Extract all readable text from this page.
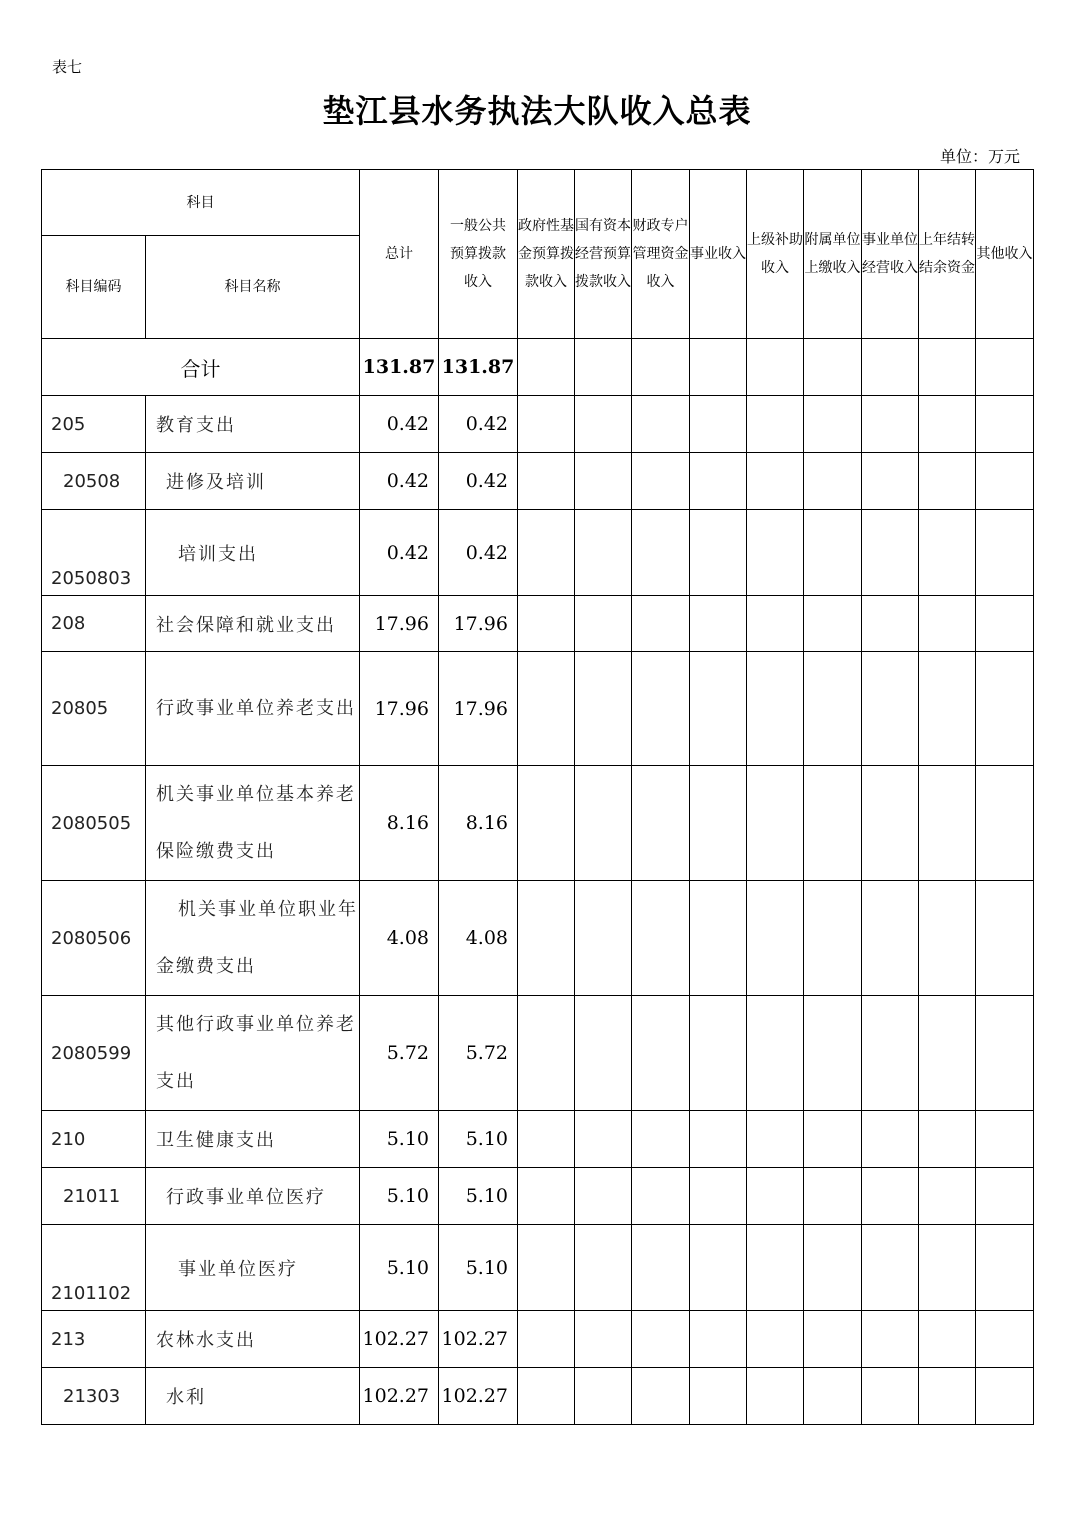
表七
垫江县水务执法大队收入总表
单位：万元
科目		总计	一般公共预算拨款收入	政府性基金预算拨款收入	国有资本经营预算拨款收入	财政专户管理资金收入	事业收入	上级补助收入	附属单位上缴收入	事业单位经营收入	上年结转结余资金	其他收入
科目编码	科目名称											
合计		131.87	131.87									
205	教育支出	0.42	0.42									
20508	进修及培训	0.42	0.42									
2050803	培训支出	0.42	0.42									
208	社会保障和就业支出	17.96	17.96									
20805	行政事业单位养老支出	17.96	17.96									
2080505	机关事业单位基本养老保险缴费支出	8.16	8.16									
2080506	机关事业单位职业年金缴费支出	4.08	4.08									
2080599	其他行政事业单位养老支出	5.72	5.72									
210	卫生健康支出	5.10	5.10									
21011	行政事业单位医疗	5.10	5.10									
2101102	事业单位医疗	5.10	5.10									
213	农林水支出	102.27	102.27									
21303	水利	102.27	102.27									
